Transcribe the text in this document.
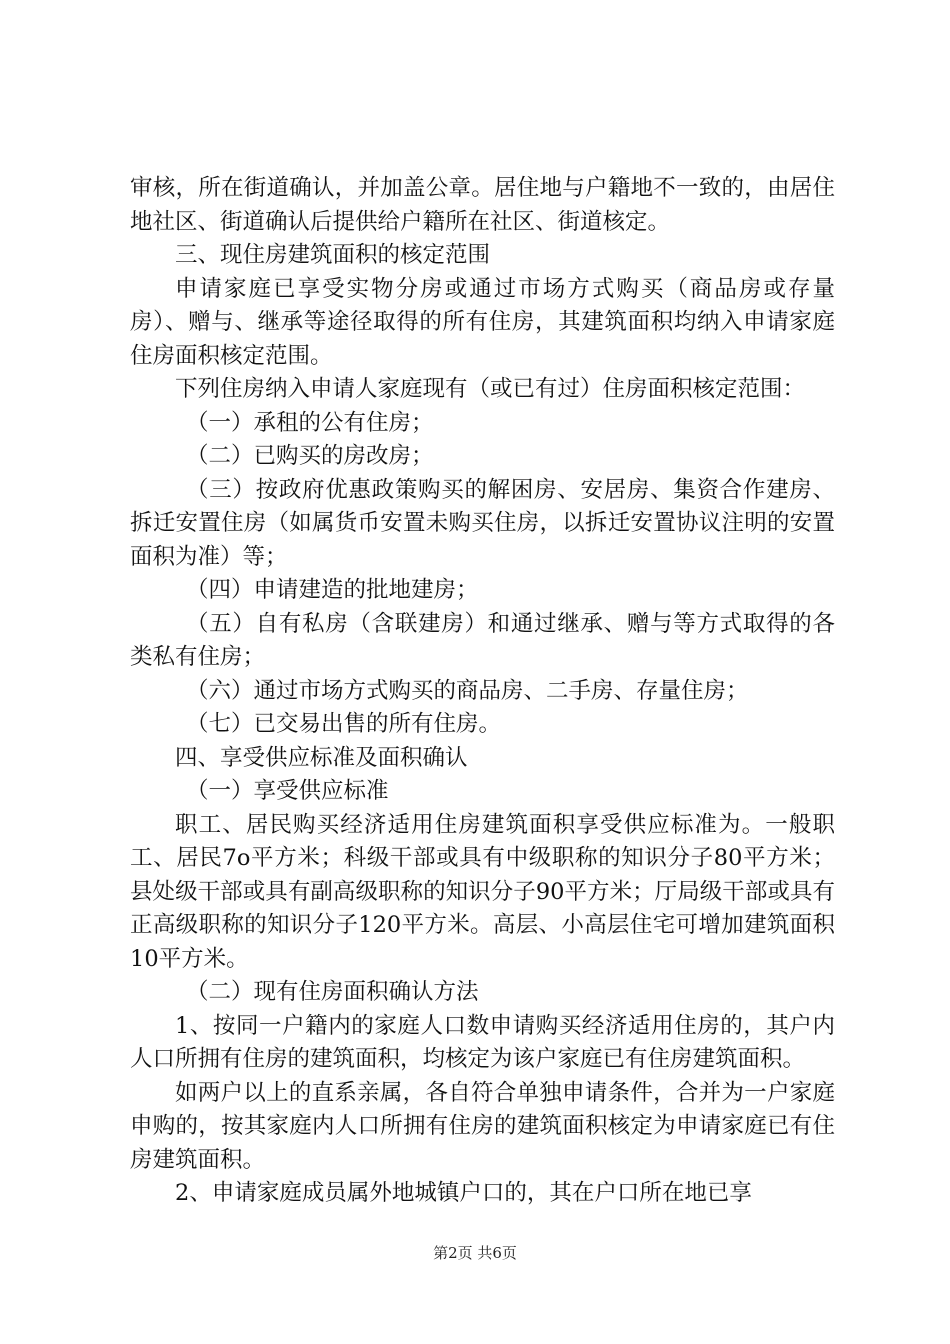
审核，所在街道确认，并加盖公章。居住地与户籍地不一致的，由居住地社区、街道确认后提供给户籍所在社区、街道核定。

三、现住房建筑面积的核定范围

申请家庭已享受实物分房或通过市场方式购买（商品房或存量房）、赠与、继承等途径取得的所有住房，其建筑面积均纳入申请家庭住房面积核定范围。

下列住房纳入申请人家庭现有（或已有过）住房面积核定范围：

（一）承租的公有住房；

（二）已购买的房改房；

（三）按政府优惠政策购买的解困房、安居房、集资合作建房、拆迁安置住房（如属货币安置未购买住房，以拆迁安置协议注明的安置面积为准）等；

（四）申请建造的批地建房；

（五）自有私房（含联建房）和通过继承、赠与等方式取得的各类私有住房；

（六）通过市场方式购买的商品房、二手房、存量住房；

（七）已交易出售的所有住房。

四、享受供应标准及面积确认

（一）享受供应标准

职工、居民购买经济适用住房建筑面积享受供应标准为。一般职工、居民7o平方米；科级干部或具有中级职称的知识分子80平方米；县处级干部或具有副高级职称的知识分子90平方米；厅局级干部或具有正高级职称的知识分子120平方米。高层、小高层住宅可增加建筑面积10平方米。

（二）现有住房面积确认方法

1、按同一户籍内的家庭人口数申请购买经济适用住房的，其户内人口所拥有住房的建筑面积，均核定为该户家庭已有住房建筑面积。

如两户以上的直系亲属，各自符合单独申请条件，合并为一户家庭申购的，按其家庭内人口所拥有住房的建筑面积核定为申请家庭已有住房建筑面积。

2、申请家庭成员属外地城镇户口的，其在户口所在地已享

第2页 共6页
